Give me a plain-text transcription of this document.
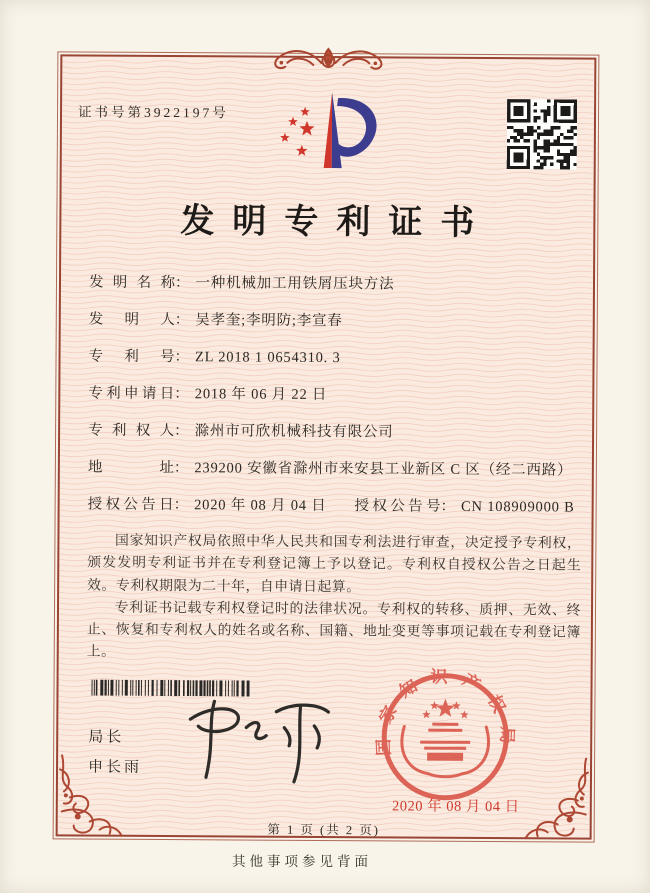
证书号第3922197号
发明专利证书
发明名称： 一种机械加工用铁屑压块方法
发明人： 吴孝奎;李明防;李宣春
专利号： ZL 2018 1 0654310. 3
专利申请日： 2018 年 06 月 22 日
专利权人： 滁州市可欣机械科技有限公司
地址： 239200 安徽省滁州市来安县工业新区 C 区（经二西路）
授权公告日： 2020 年 08 月 04 日 授权公告号： CN 108909000 B

国家知识产权局依照中华人民共和国专利法进行审查，决定授予专利权，颁发发明专利证书并在专利登记簿上予以登记。专利权自授权公告之日起生效。专利权期限为二十年，自申请日起算。

专利证书记载专利权登记时的法律状况。专利权的转移、质押、无效、终止、恢复和专利权人的姓名或名称、国籍、地址变更等事项记载在专利登记簿上。

局长
申长雨
国家知识产权局
2020 年 08 月 04 日
第 1 页 (共 2 页)
其他事项参见背面
